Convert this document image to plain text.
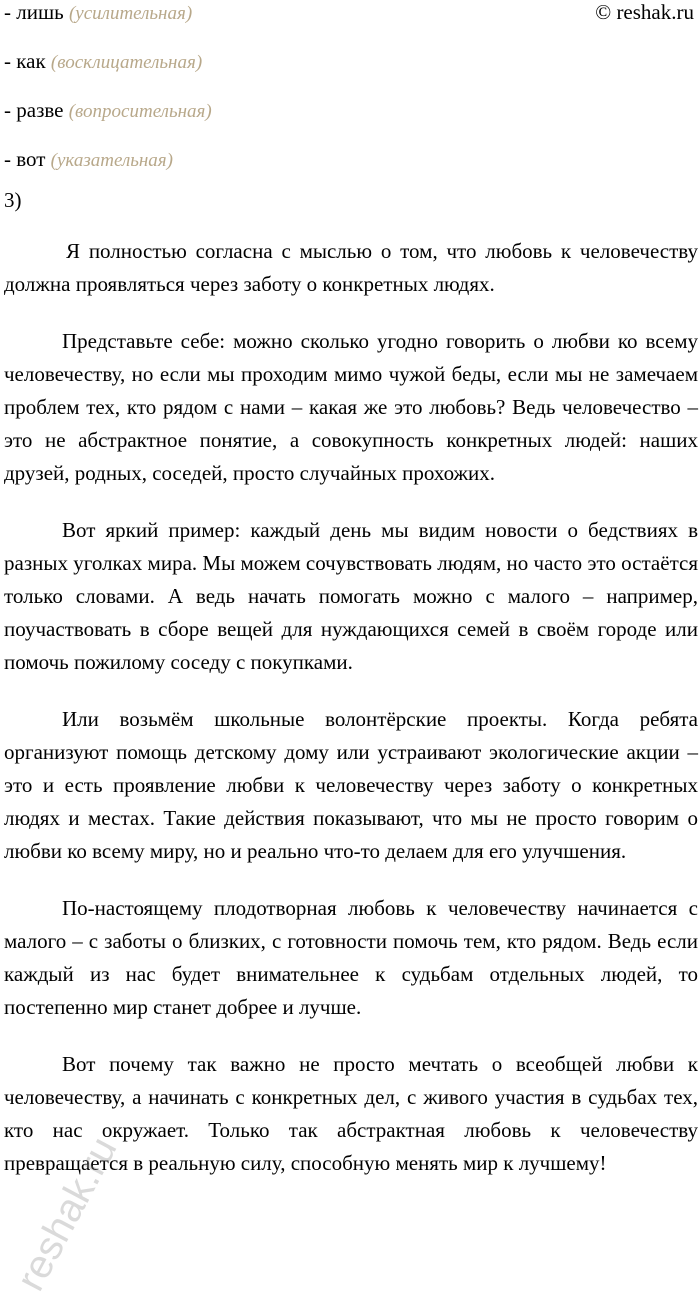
© reshak.ru
- лишь (усилительная)
- как (восклицательная)
- разве (вопросительная)
- вот (указательная)
3)

Я полностью согласна с мыслью о том, что любовь к человечеству должна проявляться через заботу о конкретных людях.

Представьте себе: можно сколько угодно говорить о любви ко всему человечеству, но если мы проходим мимо чужой беды, если мы не замечаем проблем тех, кто рядом с нами – какая же это любовь? Ведь человечество – это не абстрактное понятие, а совокупность конкретных людей: наших друзей, родных, соседей, просто случайных прохожих.

Вот яркий пример: каждый день мы видим новости о бедствиях в разных уголках мира. Мы можем сочувствовать людям, но часто это остаётся только словами. А ведь начать помогать можно с малого – например, поучаствовать в сборе вещей для нуждающихся семей в своём городе или помочь пожилому соседу с покупками.

Или возьмём школьные волонтёрские проекты. Когда ребята организуют помощь детскому дому или устраивают экологические акции – это и есть проявление любви к человечеству через заботу о конкретных людях и местах. Такие действия показывают, что мы не просто говорим о любви ко всему миру, но и реально что-то делаем для его улучшения.

По-настоящему плодотворная любовь к человечеству начинается с малого – с заботы о близких, с готовности помочь тем, кто рядом. Ведь если каждый из нас будет внимательнее к судьбам отдельных людей, то постепенно мир станет добрее и лучше.

Вот почему так важно не просто мечтать о всеобщей любви к человечеству, а начинать с конкретных дел, с живого участия в судьбах тех, кто нас окружает. Только так абстрактная любовь к человечеству превращается в реальную силу, способную менять мир к лучшему!

reshak.ru
